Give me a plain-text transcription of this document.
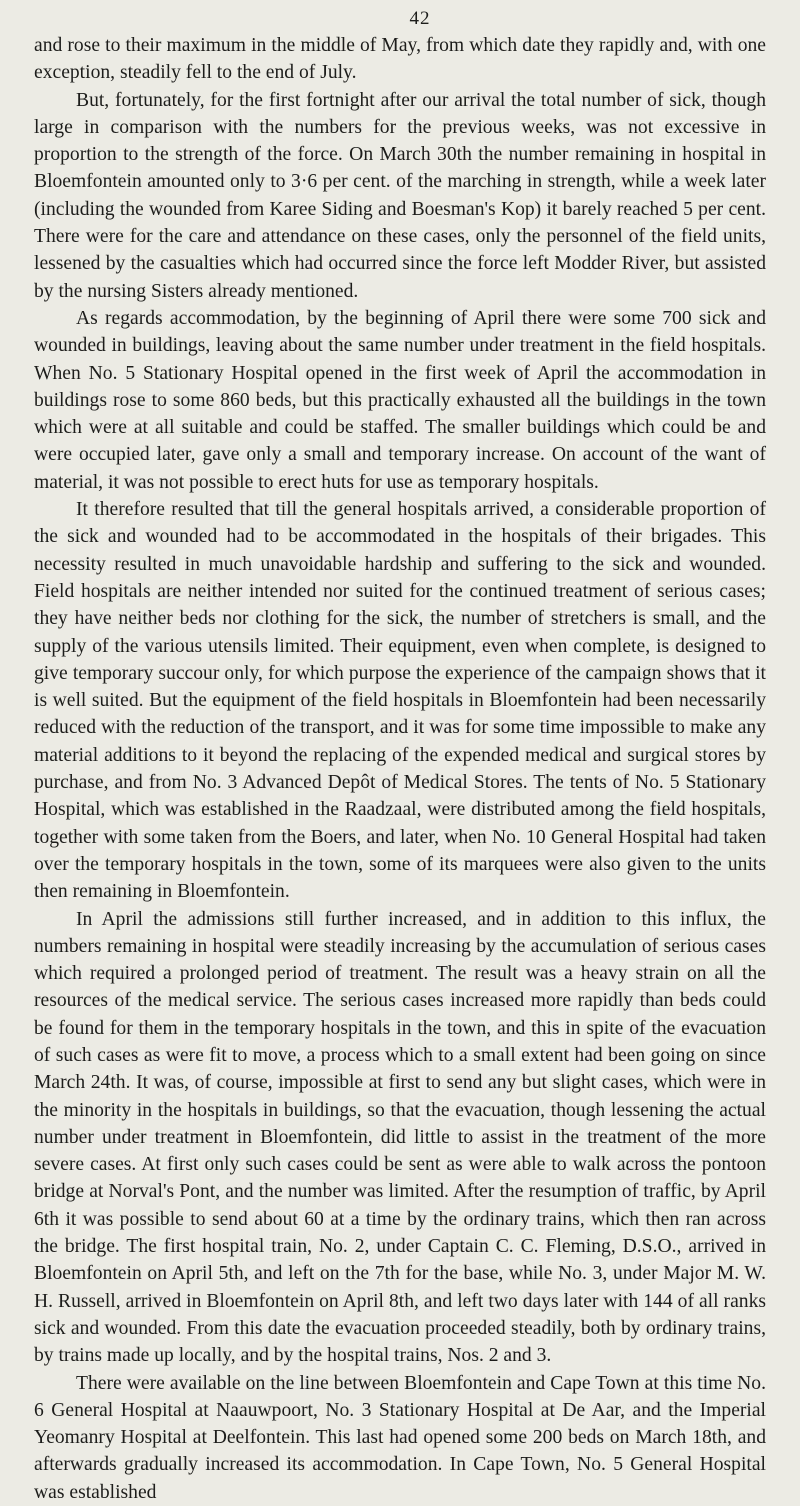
42

and rose to their maximum in the middle of May, from which date they rapidly and, with one exception, steadily fell to the end of July.

But, fortunately, for the first fortnight after our arrival the total number of sick, though large in comparison with the numbers for the previous weeks, was not excessive in proportion to the strength of the force. On March 30th the number remaining in hospital in Bloemfontein amounted only to 3·6 per cent. of the marching in strength, while a week later (including the wounded from Karee Siding and Boesman's Kop) it barely reached 5 per cent. There were for the care and attendance on these cases, only the personnel of the field units, lessened by the casualties which had occurred since the force left Modder River, but assisted by the nursing Sisters already mentioned.

As regards accommodation, by the beginning of April there were some 700 sick and wounded in buildings, leaving about the same number under treatment in the field hospitals. When No. 5 Stationary Hospital opened in the first week of April the accommodation in buildings rose to some 860 beds, but this practically exhausted all the buildings in the town which were at all suitable and could be staffed. The smaller buildings which could be and were occupied later, gave only a small and temporary increase. On account of the want of material, it was not possible to erect huts for use as temporary hospitals.

It therefore resulted that till the general hospitals arrived, a considerable proportion of the sick and wounded had to be accommodated in the hospitals of their brigades. This necessity resulted in much unavoidable hardship and suffering to the sick and wounded. Field hospitals are neither intended nor suited for the continued treatment of serious cases; they have neither beds nor clothing for the sick, the number of stretchers is small, and the supply of the various utensils limited. Their equipment, even when complete, is designed to give temporary succour only, for which purpose the experience of the campaign shows that it is well suited. But the equipment of the field hospitals in Bloemfontein had been necessarily reduced with the reduction of the transport, and it was for some time impossible to make any material additions to it beyond the replacing of the expended medical and surgical stores by purchase, and from No. 3 Advanced Depôt of Medical Stores. The tents of No. 5 Stationary Hospital, which was established in the Raadzaal, were distributed among the field hospitals, together with some taken from the Boers, and later, when No. 10 General Hospital had taken over the temporary hospitals in the town, some of its marquees were also given to the units then remaining in Bloemfontein.

In April the admissions still further increased, and in addition to this influx, the numbers remaining in hospital were steadily increasing by the accumulation of serious cases which required a prolonged period of treatment. The result was a heavy strain on all the resources of the medical service. The serious cases increased more rapidly than beds could be found for them in the temporary hospitals in the town, and this in spite of the evacuation of such cases as were fit to move, a process which to a small extent had been going on since March 24th. It was, of course, impossible at first to send any but slight cases, which were in the minority in the hospitals in buildings, so that the evacuation, though lessening the actual number under treatment in Bloemfontein, did little to assist in the treatment of the more severe cases. At first only such cases could be sent as were able to walk across the pontoon bridge at Norval's Pont, and the number was limited. After the resumption of traffic, by April 6th it was possible to send about 60 at a time by the ordinary trains, which then ran across the bridge. The first hospital train, No. 2, under Captain C. C. Fleming, D.S.O., arrived in Bloemfontein on April 5th, and left on the 7th for the base, while No. 3, under Major M. W. H. Russell, arrived in Bloemfontein on April 8th, and left two days later with 144 of all ranks sick and wounded. From this date the evacuation proceeded steadily, both by ordinary trains, by trains made up locally, and by the hospital trains, Nos. 2 and 3.

There were available on the line between Bloemfontein and Cape Town at this time No. 6 General Hospital at Naauwpoort, No. 3 Stationary Hospital at De Aar, and the Imperial Yeomanry Hospital at Deelfontein. This last had opened some 200 beds on March 18th, and afterwards gradually increased its accommodation. In Cape Town, No. 5 General Hospital was established
